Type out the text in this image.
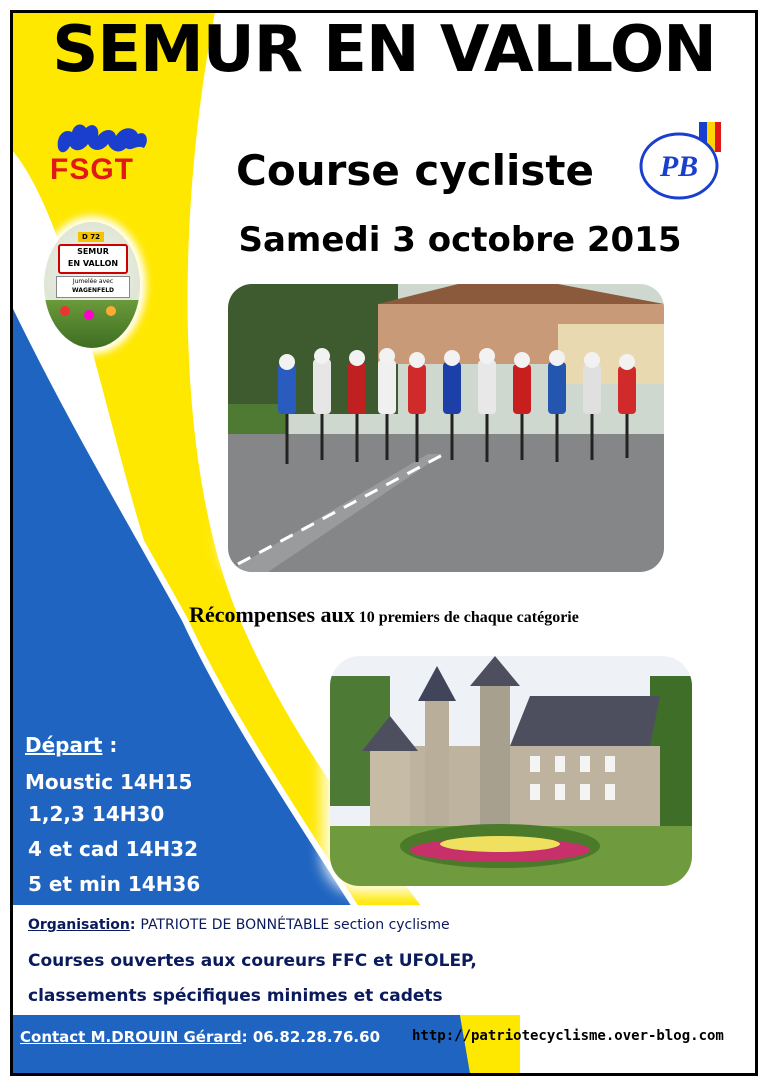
SEMUR EN VALLON
FSGT	PB
Course cycliste
Samedi 3 octobre 2015
D 72
SEMUR
EN VALLON
Jumelée avec
WAGENFELD
Récompenses aux 10 premiers de chaque catégorie
Départ :
Moustic 14H15
1,2,3 14H30
4 et cad 14H32
5 et min 14H36
Organisation: PATRIOTE DE BONNÉTABLE section cyclisme
Courses ouvertes aux coureurs FFC et UFOLEP,
classements spécifiques minimes et cadets
Contact M.DROUIN Gérard: 06.82.28.76.60 http://patriotecyclisme.over-blog.com
